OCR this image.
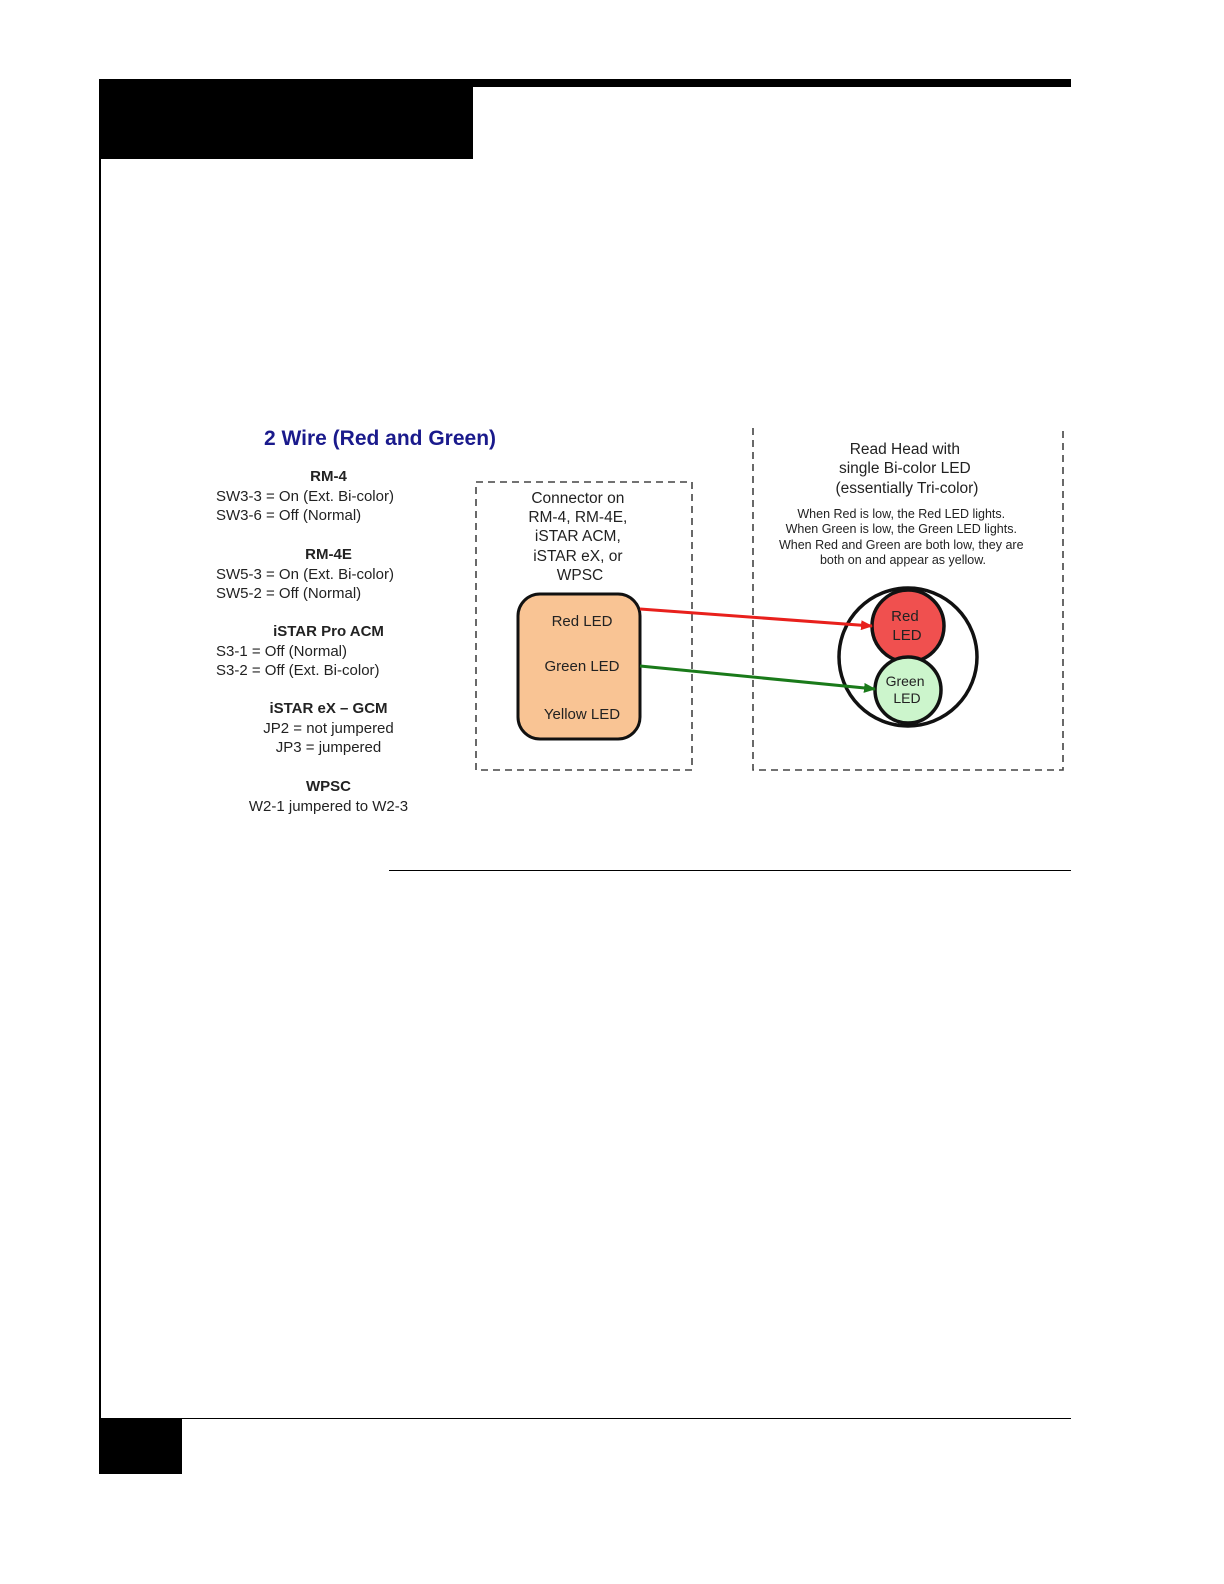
2 Wire (Red and Green)
RM-4
SW3-3 = On (Ext. Bi-color)
SW3-6 = Off (Normal)
RM-4E
SW5-3 = On (Ext. Bi-color)
SW5-2 = Off (Normal)
iSTAR Pro ACM
S3-1 = Off (Normal)
S3-2 = Off (Ext. Bi-color)
iSTAR eX – GCM
JP2 = not jumpered
JP3 = jumpered
WPSC
W2-1 jumpered to W2-3
Connector on RM-4, RM-4E, iSTAR ACM, iSTAR eX, or WPSC
Red LED
Green LED
Yellow LED
Read Head with single Bi-color LED (essentially Tri-color)
When Red is low, the Red LED lights. When Green is low, the Green LED lights. When Red and Green are both low, they are both on and appear as yellow.
Red LED
Green LED
